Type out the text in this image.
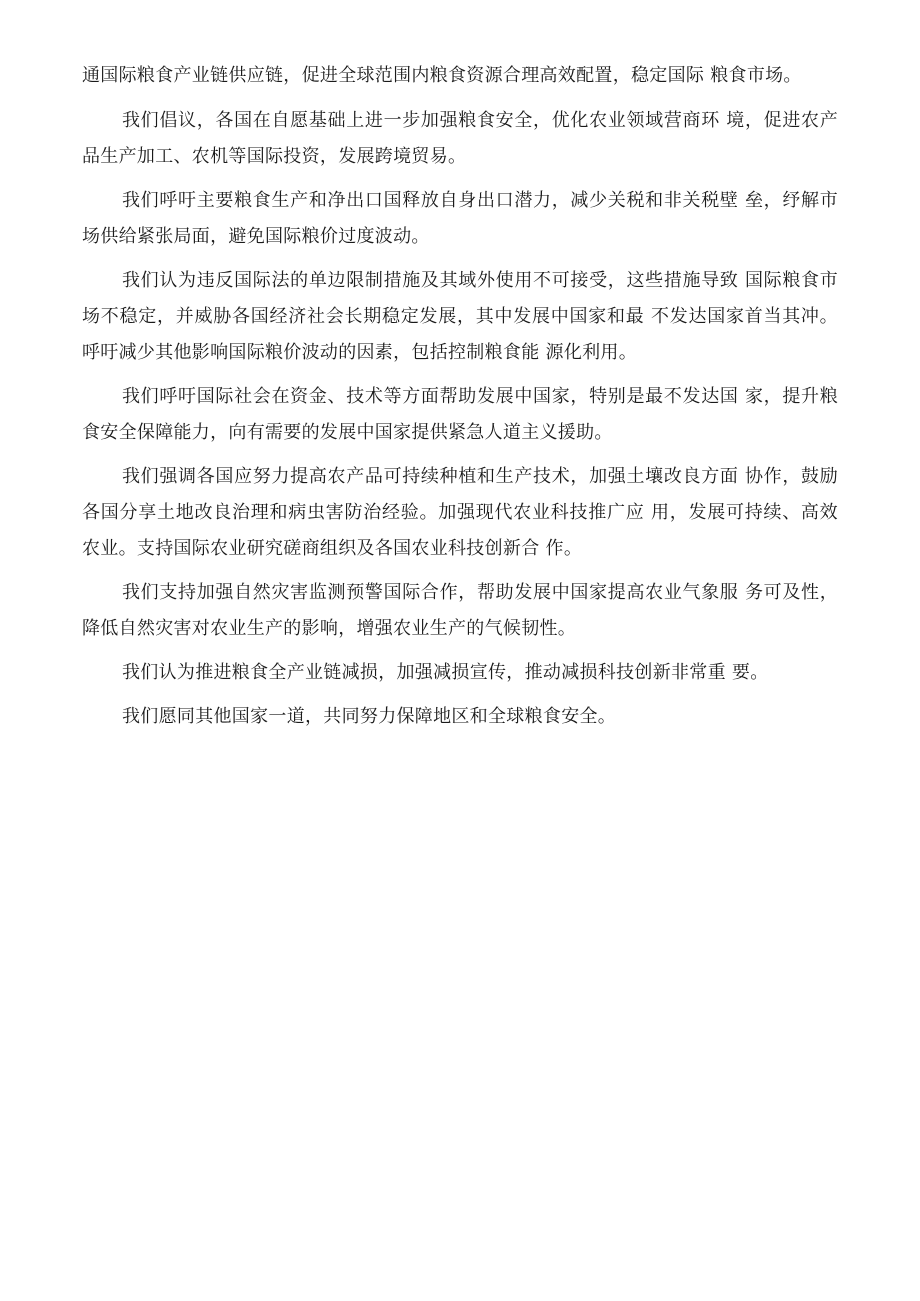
通国际粮食产业链供应链，促进全球范围内粮食资源合理高效配置，稳定国际 粮食市场。

我们倡议，各国在自愿基础上进一步加强粮食安全，优化农业领域营商环 境，促进农产品生产加工、农机等国际投资，发展跨境贸易。

我们呼吁主要粮食生产和净出口国释放自身出口潜力，减少关税和非关税壁 垒，纾解市场供给紧张局面，避免国际粮价过度波动。

我们认为违反国际法的单边限制措施及其域外使用不可接受，这些措施导致 国际粮食市场不稳定，并威胁各国经济社会长期稳定发展，其中发展中国家和最 不发达国家首当其冲。呼吁减少其他影响国际粮价波动的因素，包括控制粮食能 源化利用。

我们呼吁国际社会在资金、技术等方面帮助发展中国家，特别是最不发达国 家，提升粮食安全保障能力，向有需要的发展中国家提供紧急人道主义援助。

我们强调各国应努力提高农产品可持续种植和生产技术，加强土壤改良方面 协作，鼓励各国分享土地改良治理和病虫害防治经验。加强现代农业科技推广应 用，发展可持续、高效农业。支持国际农业研究磋商组织及各国农业科技创新合 作。

我们支持加强自然灾害监测预警国际合作，帮助发展中国家提高农业气象服 务可及性，降低自然灾害对农业生产的影响，增强农业生产的气候韧性。

我们认为推进粮食全产业链减损，加强减损宣传，推动减损科技创新非常重 要。

我们愿同其他国家一道，共同努力保障地区和全球粮食安全。
